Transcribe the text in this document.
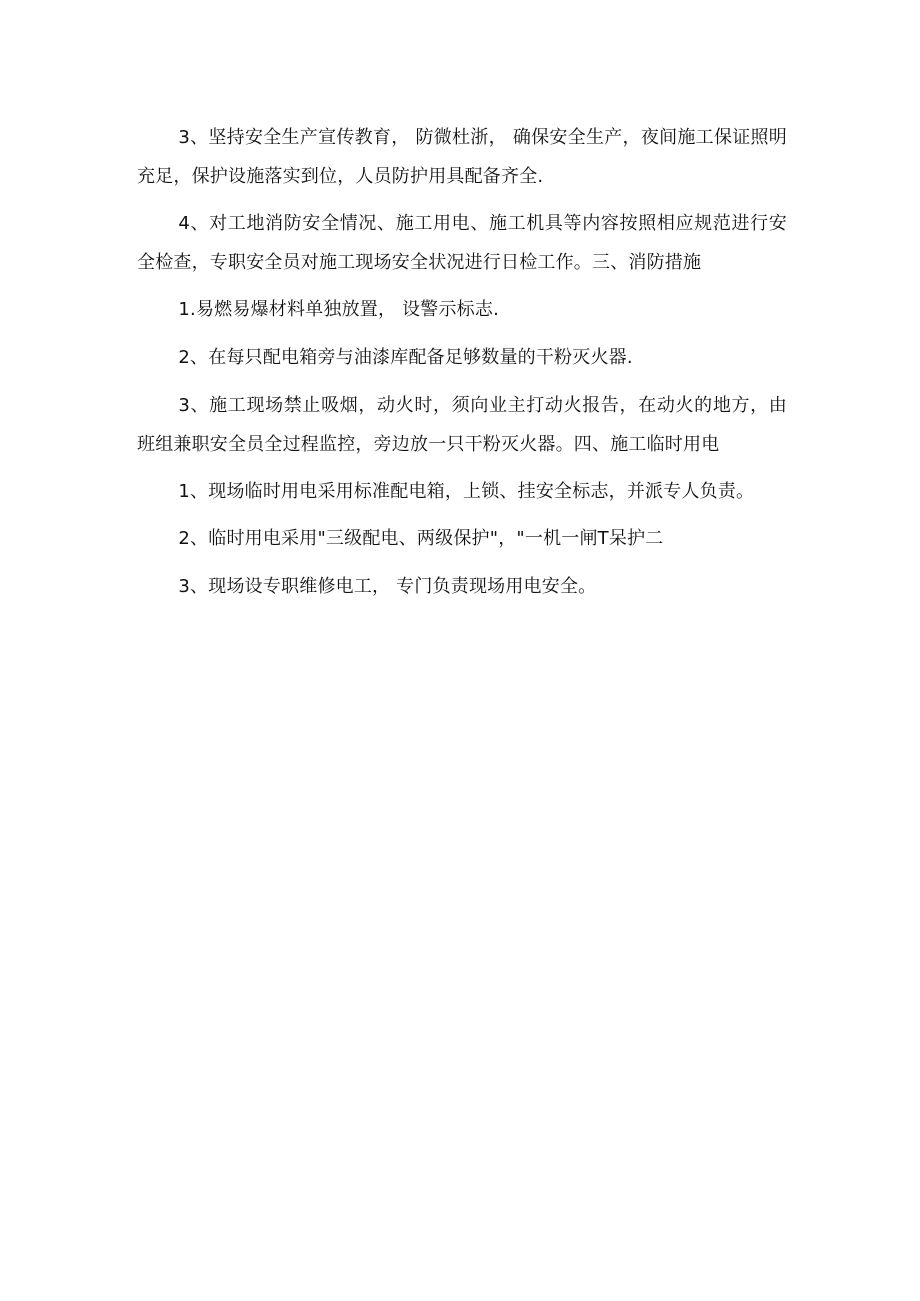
3、坚持安全生产宣传教育， 防微杜浙， 确保安全生产，夜间施工保证照明充足，保护设施落实到位，人员防护用具配备齐全.

4、对工地消防安全情况、施工用电、施工机具等内容按照相应规范进行安全检查，专职安全员对施工现场安全状况进行日检工作。三、消防措施

1.易燃易爆材料单独放置， 设警示标志.

2、在每只配电箱旁与油漆库配备足够数量的干粉灭火器.

3、施工现场禁止吸烟，动火时，须向业主打动火报告，在动火的地方，由班组兼职安全员全过程监控，旁边放一只干粉灭火器。四、施工临时用电

1、现场临时用电采用标准配电箱，上锁、挂安全标志，并派专人负责。

2、临时用电采用"三级配电、两级保护"，"一机一闸T呆护二

3、现场设专职维修电工， 专门负责现场用电安全。
